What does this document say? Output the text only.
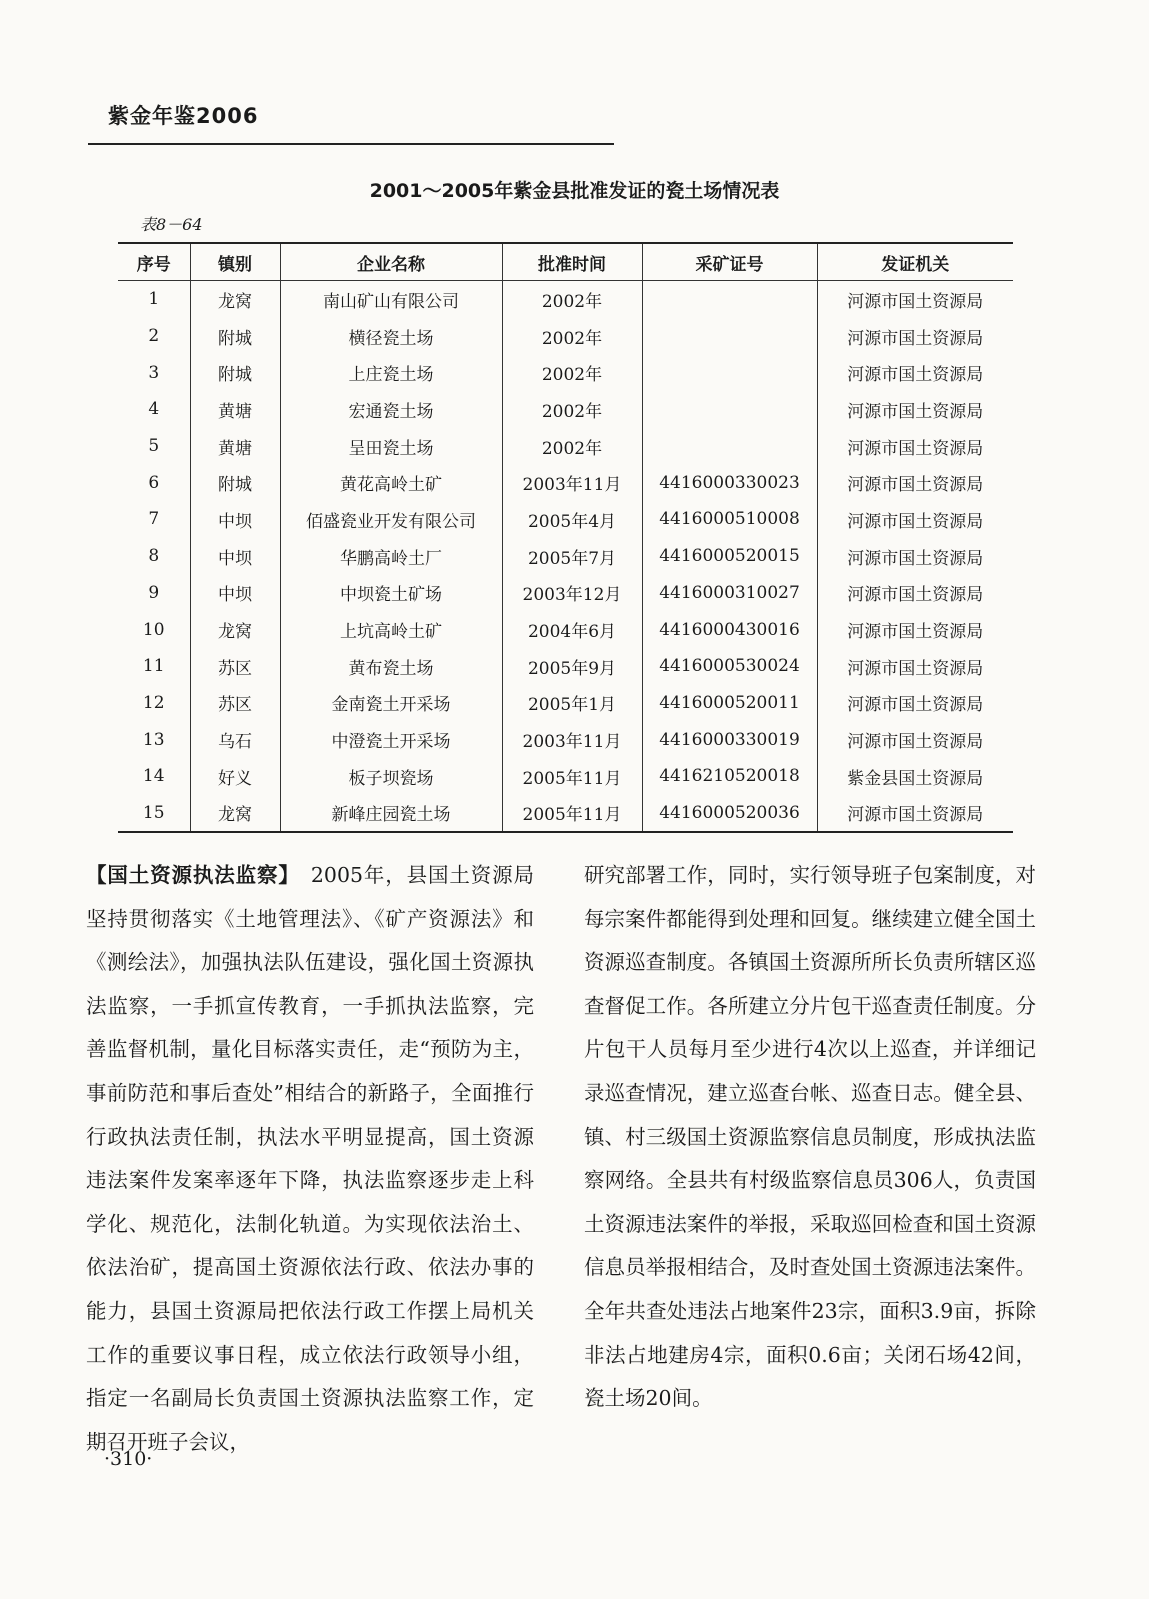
紫金年鉴2006
2001～2005年紫金县批准发证的瓷土场情况表
表8－64
序号	镇别	企业名称	批准时间	采矿证号	发证机关
1	龙窝	南山矿山有限公司	2002年		河源市国土资源局
2	附城	横径瓷土场	2002年		河源市国土资源局
3	附城	上庄瓷土场	2002年		河源市国土资源局
4	黄塘	宏通瓷土场	2002年		河源市国土资源局
5	黄塘	呈田瓷土场	2002年		河源市国土资源局
6	附城	黄花高岭土矿	2003年11月	4416000330023	河源市国土资源局
7	中坝	佰盛瓷业开发有限公司	2005年4月	4416000510008	河源市国土资源局
8	中坝	华鹏高岭土厂	2005年7月	4416000520015	河源市国土资源局
9	中坝	中坝瓷土矿场	2003年12月	4416000310027	河源市国土资源局
10	龙窝	上坑高岭土矿	2004年6月	4416000430016	河源市国土资源局
11	苏区	黄布瓷土场	2005年9月	4416000530024	河源市国土资源局
12	苏区	金南瓷土开采场	2005年1月	4416000520011	河源市国土资源局
13	乌石	中澄瓷土开采场	2003年11月	4416000330019	河源市国土资源局
14	好义	板子坝瓷场	2005年11月	4416210520018	紫金县国土资源局
15	龙窝	新峰庄园瓷土场	2005年11月	4416000520036	河源市国土资源局

【国土资源执法监察】　2005年，县国土资源局坚持贯彻落实《土地管理法》、《矿产资源法》和《测绘法》，加强执法队伍建设，强化国土资源执法监察，一手抓宣传教育，一手抓执法监察，完善监督机制，量化目标落实责任，走“预防为主，事前防范和事后查处”相结合的新路子，全面推行行政执法责任制，执法水平明显提高，国土资源违法案件发案率逐年下降，执法监察逐步走上科学化、规范化，法制化轨道。为实现依法治土、依法治矿，提高国土资源依法行政、依法办事的能力，县国土资源局把依法行政工作摆上局机关工作的重要议事日程，成立依法行政领导小组，指定一名副局长负责国土资源执法监察工作，定期召开班子会议，

研究部署工作，同时，实行领导班子包案制度，对每宗案件都能得到处理和回复。继续建立健全国土资源巡查制度。各镇国土资源所所长负责所辖区巡查督促工作。各所建立分片包干巡查责任制度。分片包干人员每月至少进行4次以上巡查，并详细记录巡查情况，建立巡查台帐、巡查日志。健全县、镇、村三级国土资源监察信息员制度，形成执法监察网络。全县共有村级监察信息员306人，负责国土资源违法案件的举报，采取巡回检查和国土资源信息员举报相结合，及时查处国土资源违法案件。全年共查处违法占地案件23宗，面积3.9亩，拆除非法占地建房4宗，面积0.6亩；关闭石场42间，瓷土场20间。

·310·
